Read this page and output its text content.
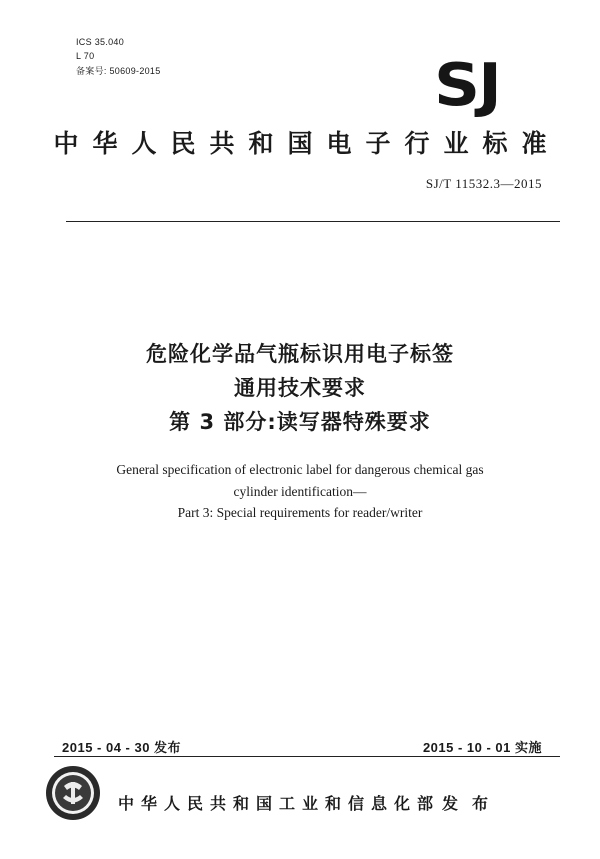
ICS 35.040
L 70
备案号: 50609-2015	SJ
中华人民共和国电子行业标准
SJ/T 11532.3—2015
危险化学品气瓶标识用电子标签
通用技术要求
第 3 部分:读写器特殊要求
General specification of electronic label for dangerous chemical gas
cylinder identification—
Part 3: Special requirements for reader/writer
2015 - 04 - 30 发布	2015 - 10 - 01 实施
中华人民共和国工业和信息化部 发布
